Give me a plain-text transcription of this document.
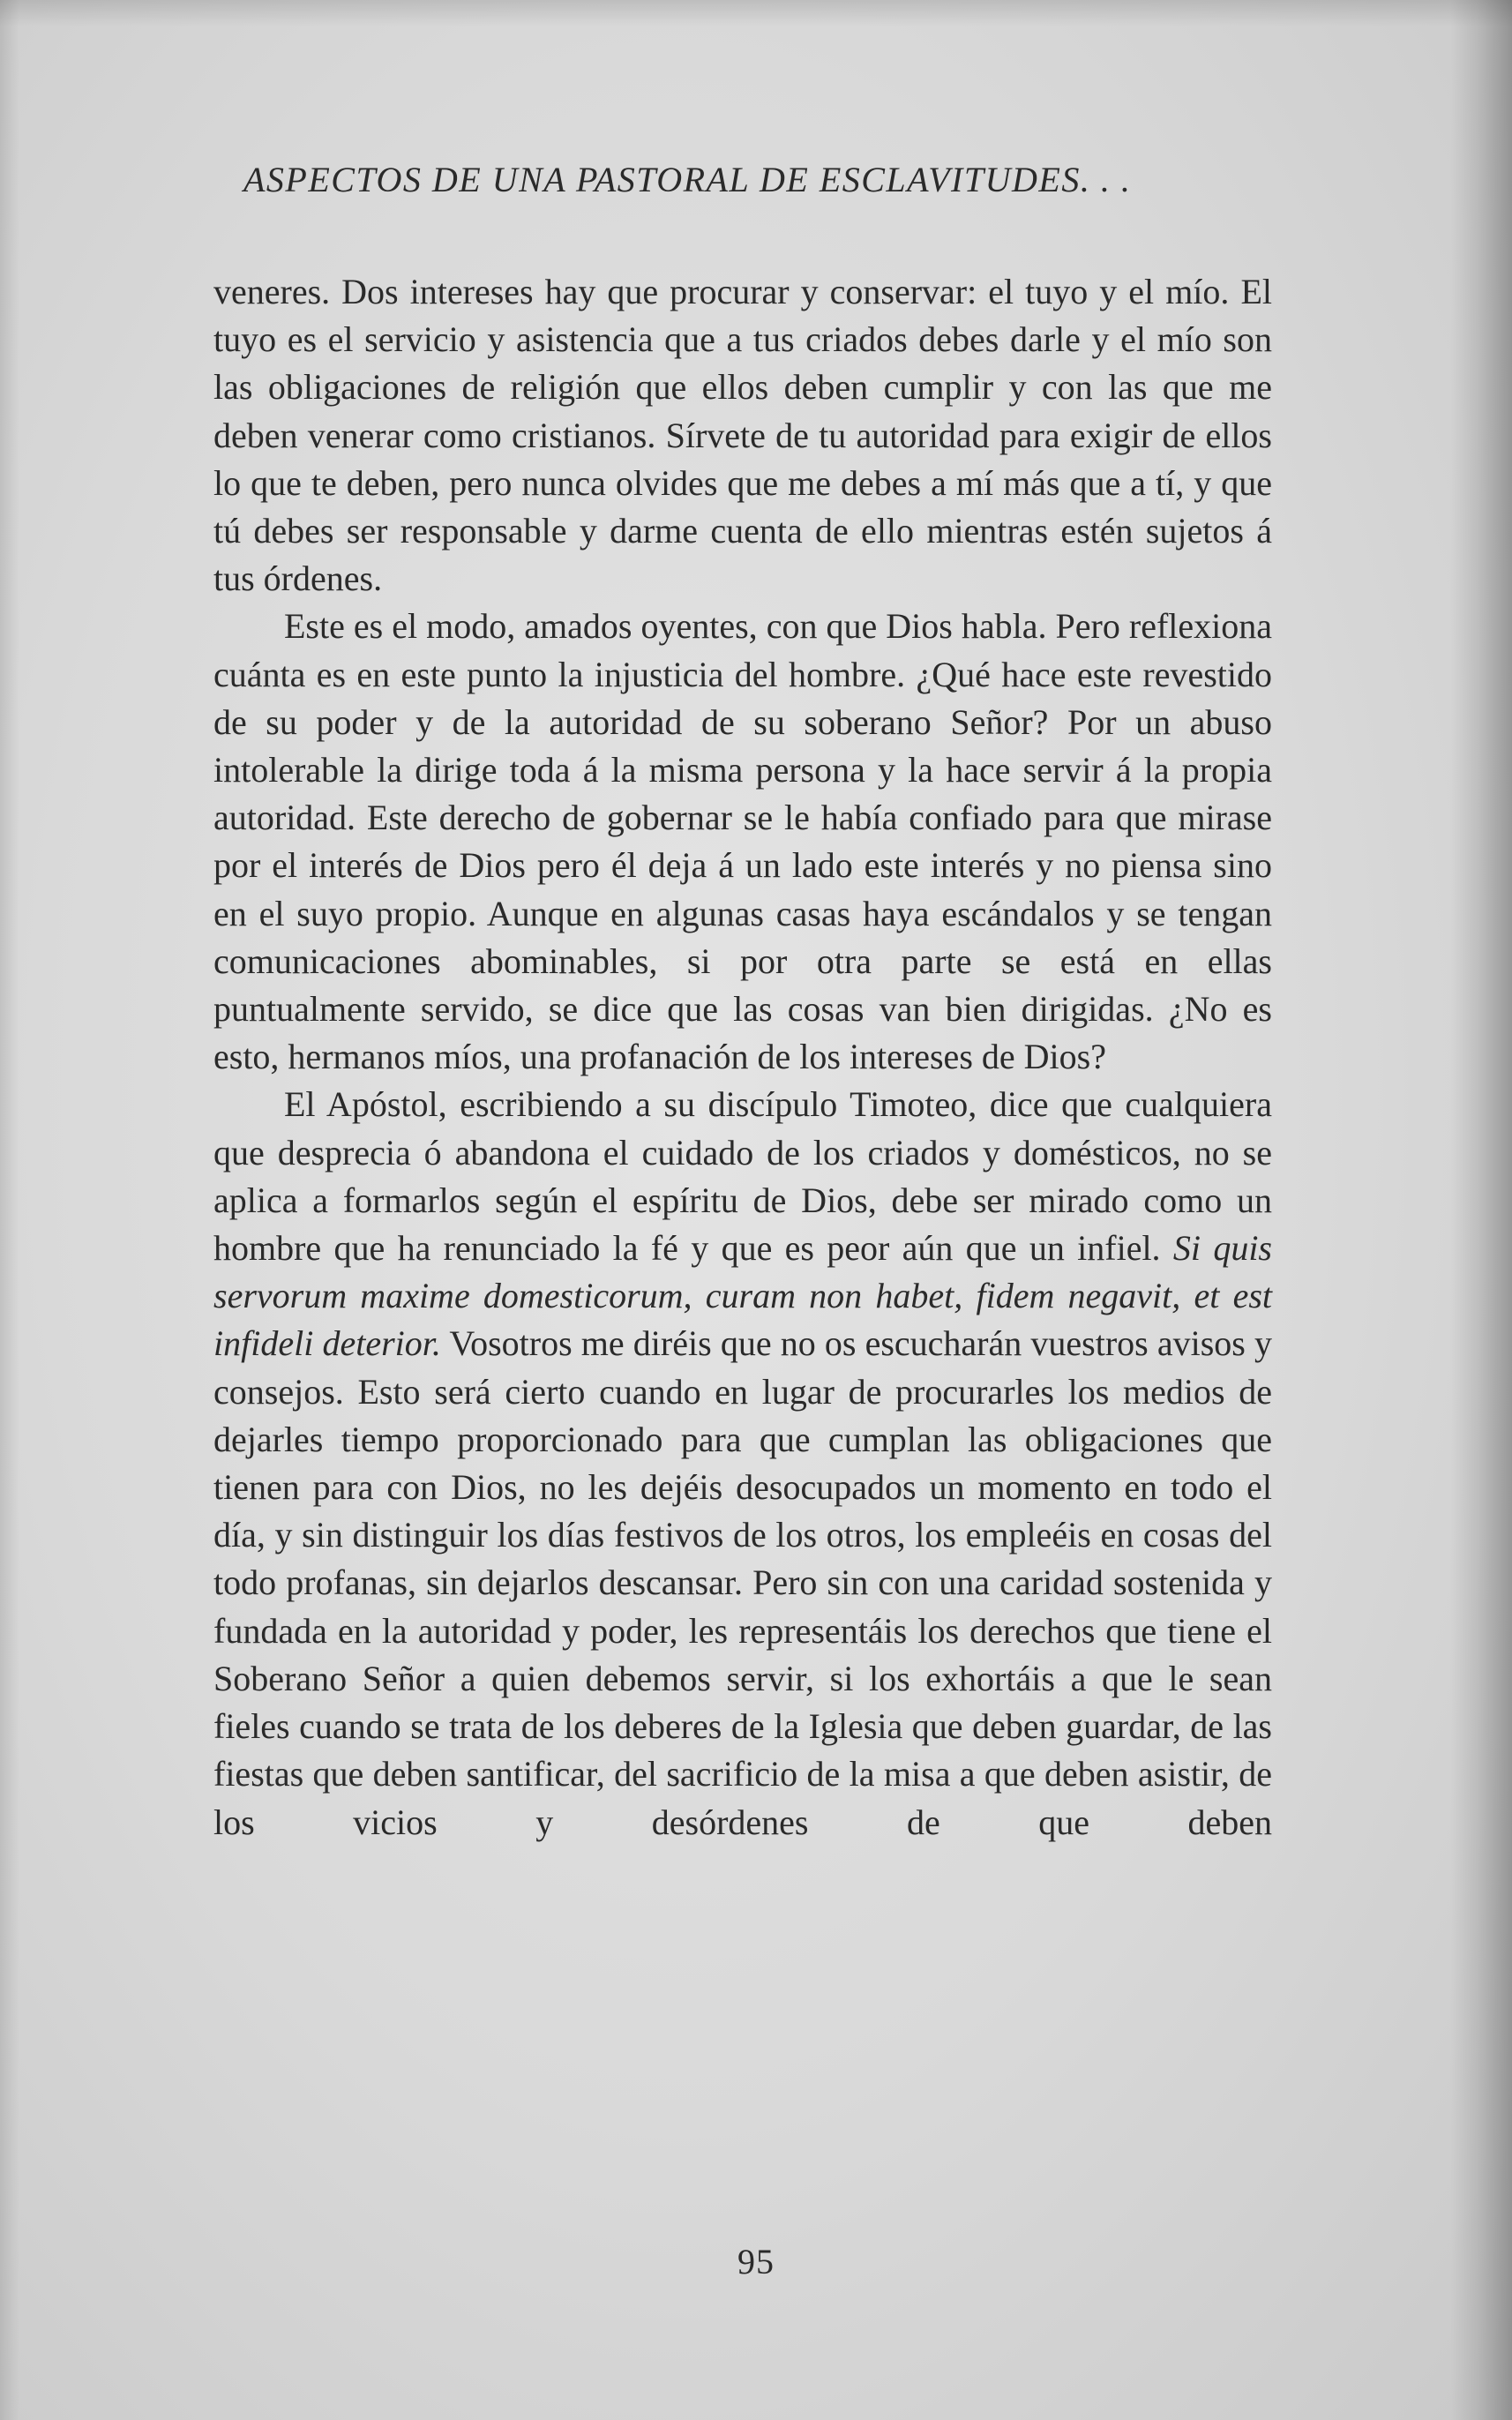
ASPECTOS DE UNA PASTORAL DE ESCLAVITUDES. . .

veneres. Dos intereses hay que procurar y conservar: el tuyo y el mío. El tuyo es el servicio y asistencia que a tus criados debes darle y el mío son las obligaciones de religión que ellos deben cumplir y con las que me deben venerar como cristianos. Sírvete de tu autoridad para exigir de ellos lo que te deben, pero nunca olvides que me debes a mí más que a tí, y que tú debes ser responsable y darme cuenta de ello mientras estén sujetos á tus órdenes.

Este es el modo, amados oyentes, con que Dios habla. Pero reflexiona cuánta es en este punto la injusticia del hombre. ¿Qué hace este revestido de su poder y de la autoridad de su soberano Señor? Por un abuso intolerable la dirige toda á la misma persona y la hace servir á la propia autoridad. Este derecho de gobernar se le había confiado para que mirase por el interés de Dios pero él deja á un lado este interés y no piensa sino en el suyo propio. Aunque en algunas casas haya escándalos y se tengan comunicaciones abominables, si por otra parte se está en ellas puntualmente servido, se dice que las cosas van bien dirigidas. ¿No es esto, hermanos míos, una profanación de los intereses de Dios?

El Apóstol, escribiendo a su discípulo Timoteo, dice que cualquiera que desprecia ó abandona el cuidado de los criados y domésticos, no se aplica a formarlos según el espíritu de Dios, debe ser mirado como un hombre que ha renunciado la fé y que es peor aún que un infiel. Si quis servorum maxime domesticorum, curam non habet, fidem negavit, et est infideli deterior. Vosotros me diréis que no os escucharán vuestros avisos y consejos. Esto será cierto cuando en lugar de procurarles los medios de dejarles tiempo proporcionado para que cumplan las obligaciones que tienen para con Dios, no les dejéis desocupados un momento en todo el día, y sin distinguir los días festivos de los otros, los empleéis en cosas del todo profanas, sin dejarlos descansar. Pero sin con una caridad sostenida y fundada en la autoridad y poder, les representáis los derechos que tiene el Soberano Señor a quien debemos servir, si los exhortáis a que le sean fieles cuando se trata de los deberes de la Iglesia que deben guardar, de las fiestas que deben santificar, del sacrificio de la misa a que deben asistir, de los vicios y desórdenes de que deben

95
